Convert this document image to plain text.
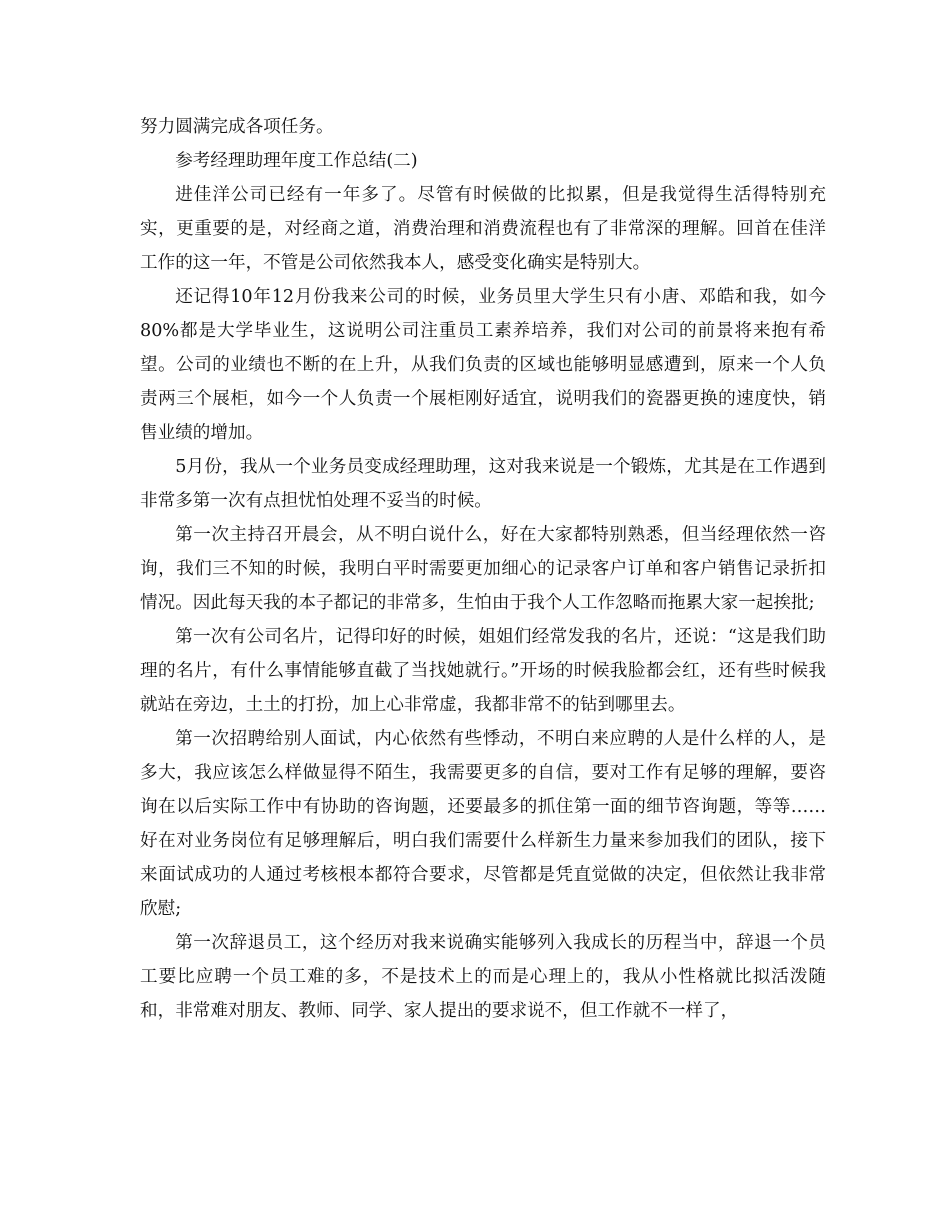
努力圆满完成各项任务。

参考经理助理年度工作总结(二)

进佳洋公司已经有一年多了。尽管有时候做的比拟累，但是我觉得生活得特别充实，更重要的是，对经商之道，消费治理和消费流程也有了非常深的理解。回首在佳洋工作的这一年，不管是公司依然我本人，感受变化确实是特别大。

还记得10年12月份我来公司的时候，业务员里大学生只有小唐、邓皓和我，如今80%都是大学毕业生，这说明公司注重员工素养培养，我们对公司的前景将来抱有希望。公司的业绩也不断的在上升，从我们负责的区域也能够明显感遭到，原来一个人负责两三个展柜，如今一个人负责一个展柜刚好适宜，说明我们的瓷器更换的速度快，销售业绩的增加。

5月份，我从一个业务员变成经理助理，这对我来说是一个锻炼，尤其是在工作遇到非常多第一次有点担忧怕处理不妥当的时候。

第一次主持召开晨会，从不明白说什么，好在大家都特别熟悉，但当经理依然一咨询，我们三不知的时候，我明白平时需要更加细心的记录客户订单和客户销售记录折扣情况。因此每天我的本子都记的非常多，生怕由于我个人工作忽略而拖累大家一起挨批;

第一次有公司名片，记得印好的时候，姐姐们经常发我的名片，还说：“这是我们助理的名片，有什么事情能够直截了当找她就行。”开场的时候我脸都会红，还有些时候我就站在旁边，土土的打扮，加上心非常虚，我都非常不的钻到哪里去。

第一次招聘给别人面试，内心依然有些悸动，不明白来应聘的人是什么样的人，是多大，我应该怎么样做显得不陌生，我需要更多的自信，要对工作有足够的理解，要咨询在以后实际工作中有协助的咨询题，还要最多的抓住第一面的细节咨询题，等等……好在对业务岗位有足够理解后，明白我们需要什么样新生力量来参加我们的团队，接下来面试成功的人通过考核根本都符合要求，尽管都是凭直觉做的决定，但依然让我非常欣慰;

第一次辞退员工，这个经历对我来说确实能够列入我成长的历程当中，辞退一个员工要比应聘一个员工难的多，不是技术上的而是心理上的，我从小性格就比拟活泼随和，非常难对朋友、教师、同学、家人提出的要求说不，但工作就不一样了，
